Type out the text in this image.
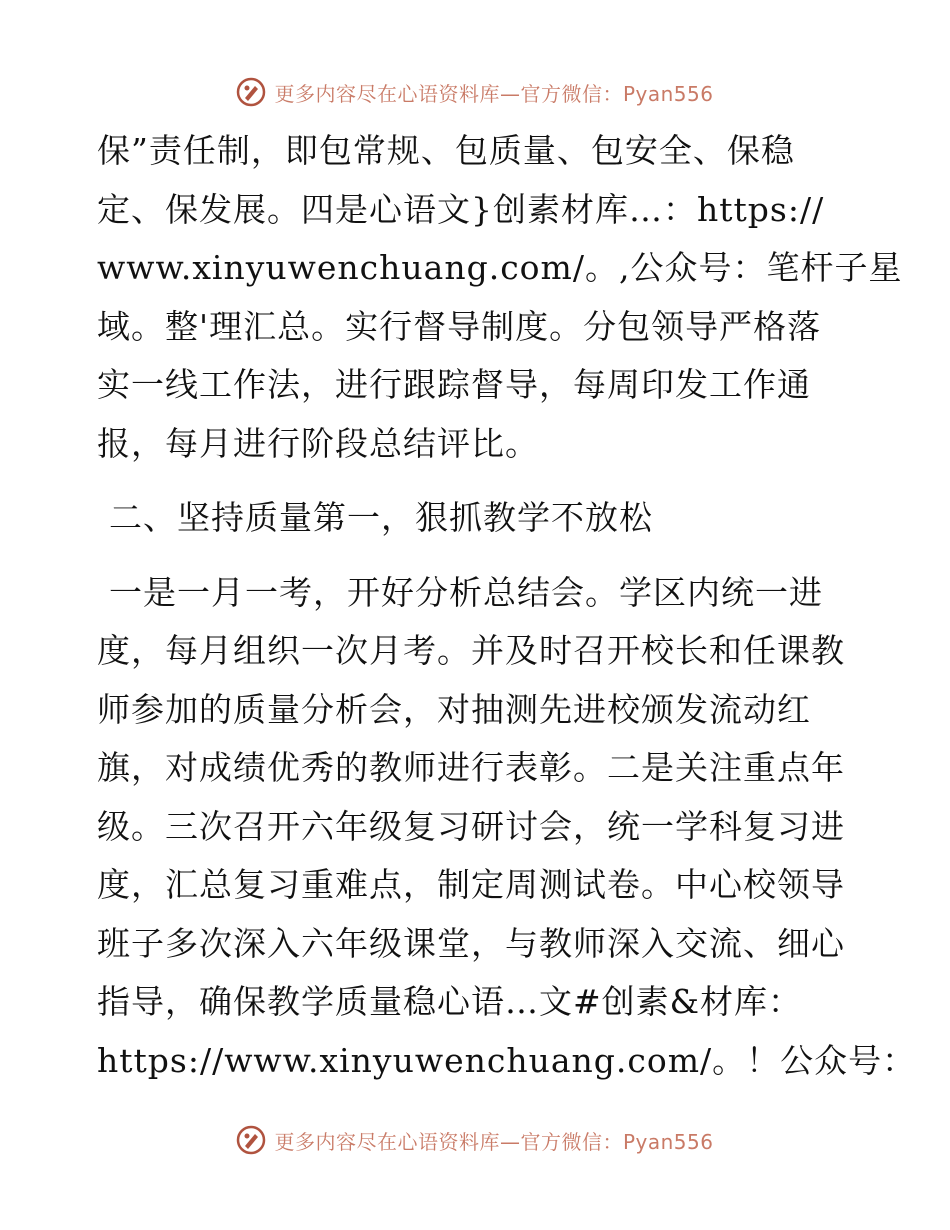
更多内容尽在心语资料库—官方微信：Pyan556
保”责任制，即包常规、包质量、包安全、保稳
定、保发展。四是心语文}创素材库…：https://
www.xinyuwenchuang.com/。,公众号：笔杆子星
域。整'理汇总。实行督导制度。分包领导严格落
实一线工作法，进行跟踪督导，每周印发工作通
报，每月进行阶段总结评比。
二、坚持质量第一，狠抓教学不放松
一是一月一考，开好分析总结会。学区内统一进
度，每月组织一次月考。并及时召开校长和任课教
师参加的质量分析会，对抽测先进校颁发流动红
旗，对成绩优秀的教师进行表彰。二是关注重点年
级。三次召开六年级复习研讨会，统一学科复习进
度，汇总复习重难点，制定周测试卷。中心校领导
班子多次深入六年级课堂，与教师深入交流、细心
指导，确保教学质量稳心语…文#创素&材库：
https://www.xinyuwenchuang.com/。！公众号：
更多内容尽在心语资料库—官方微信：Pyan556
